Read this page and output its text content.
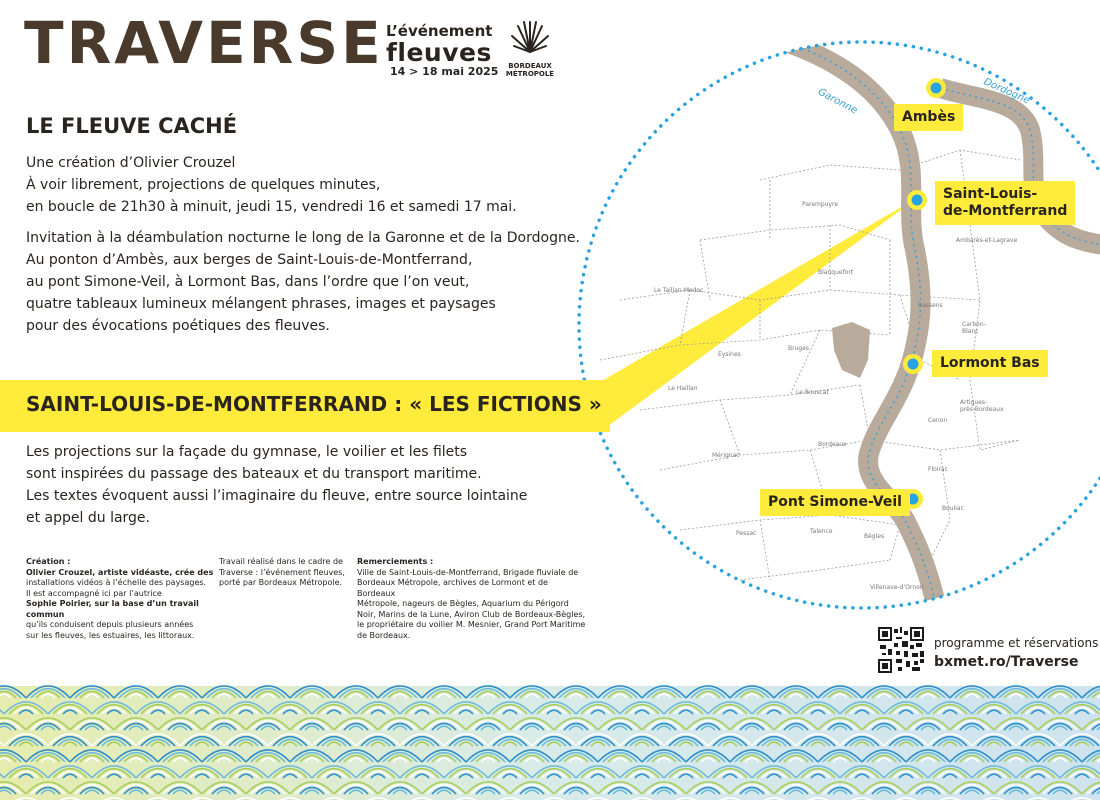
TRAVERSE L’événement
fleuves
14 > 18 mai 2025	BORDEAUX
MÉTROPOLE
LE FLEUVE CACHÉ
Une création d’Olivier Crouzel
À voir librement, projections de quelques minutes,
en boucle de 21h30 à minuit, jeudi 15, vendredi 16 et samedi 17 mai.
Invitation à la déambulation nocturne le long de la Garonne et de la Dordogne.
Au ponton d’Ambès, aux berges de Saint-Louis-de-Montferrand,
au pont Simone-Veil, à Lormont Bas, dans l’ordre que l’on veut,
quatre tableaux lumineux mélangent phrases, images et paysages
pour des évocations poétiques des fleuves.
Garonne	Dordogne
Ambès
Saint-Louis-
de-Montferrand
Lormont Bas
Pont Simone-Veil
Parempuyre
Blanquefort
Bassens
Ambarès-et-Lagrave
Le Taillan-Medoc
Eysines
Bruges
Le Haillan
Le Bouscat
Carbon-
Blanc
Artigues-
près-Bordeaux
Cenon
Mérignac
Bordeaux
Floirac
Bouliac
Pessac	Talence
Bègles
Villenave-d’Ornon
SAINT-LOUIS-DE-MONTFERRAND : « LES FICTIONS »
Les projections sur la façade du gymnase, le voilier et les filets
sont inspirées du passage des bateaux et du transport maritime.
Les textes évoquent aussi l’imaginaire du fleuve, entre source lointaine
et appel du large.
Création :
Olivier Crouzel, artiste vidéaste, crée des
installations vidéos à l’échelle des paysages.
Il est accompagné ici par l’autrice
Sophie Poirier, sur la base d’un travail commun
qu’ils conduisent depuis plusieurs années
sur les fleuves, les estuaires, les littoraux.
Travail réalisé dans le cadre de
Traverse : l’événement fleuves,
porté par Bordeaux Métropole.
Remerciements :
Ville de Saint-Louis-de-Montferrand, Brigade fluviale de
Bordeaux Métropole, archives de Lormont et de Bordeaux
Métropole, nageurs de Bègles, Aquarium du Périgord
Noir, Marins de la Lune, Aviron Club de Bordeaux-Bègles,
le propriétaire du voilier M. Mesnier, Grand Port Maritime
de Bordeaux.
programme et réservations
bxmet.ro/Traverse
